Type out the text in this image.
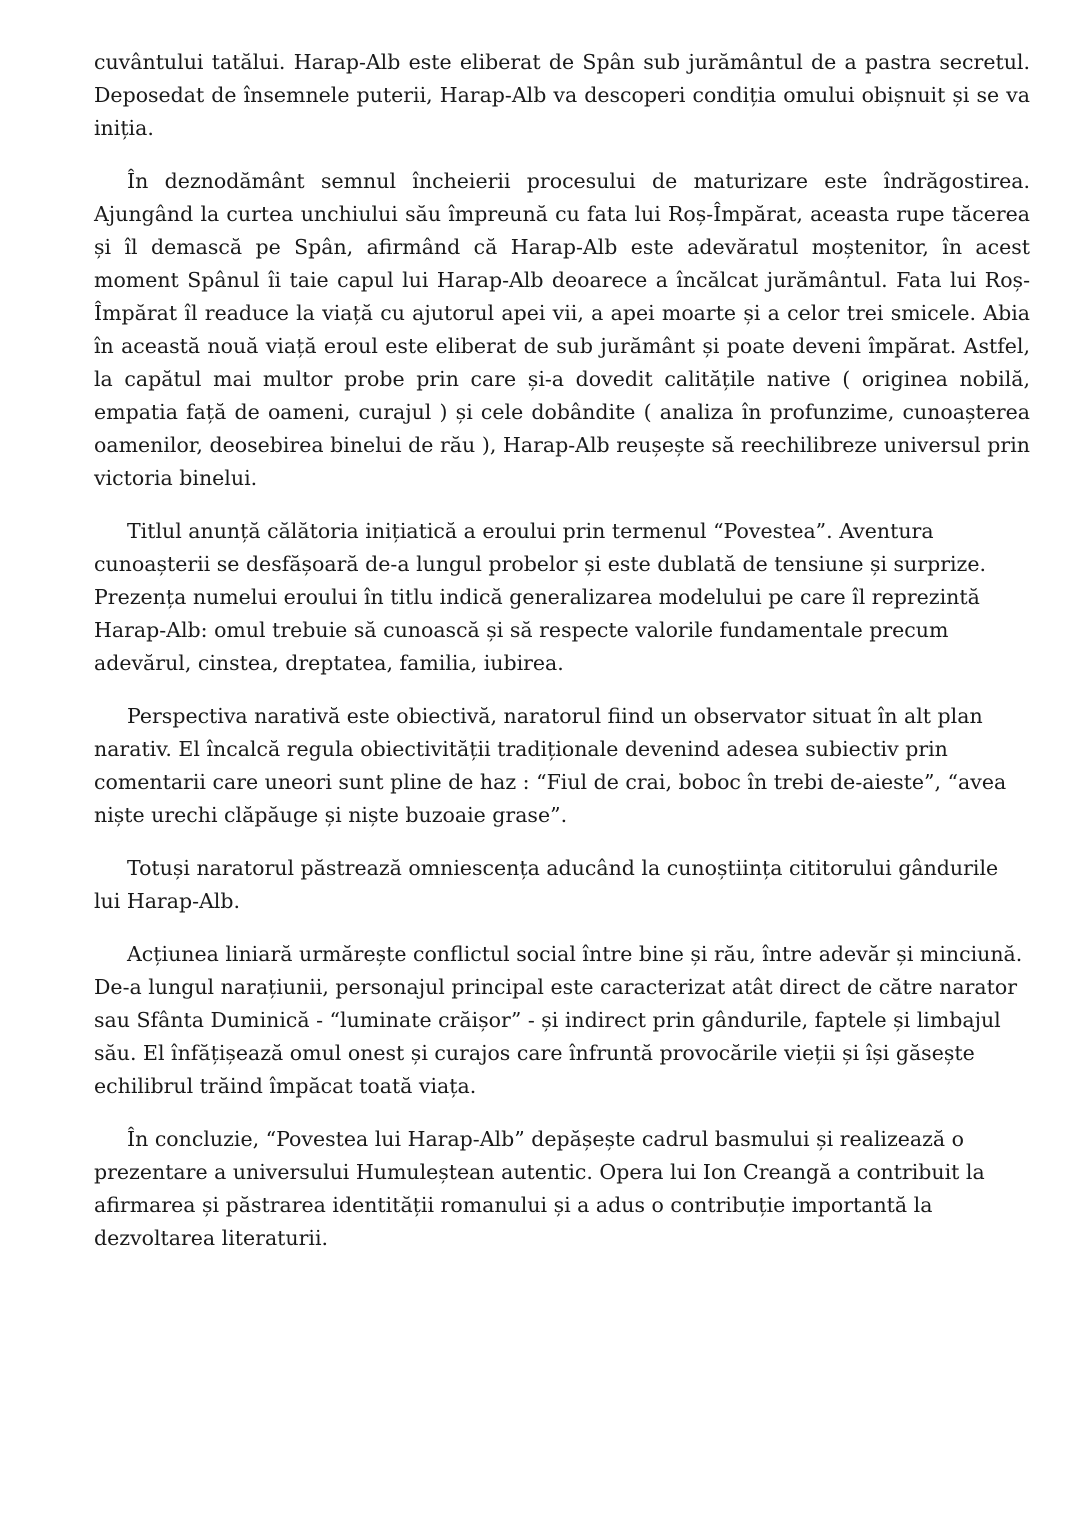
cuvântului tatălui. Harap-Alb este eliberat de Spân sub jurământul de a pastra secretul. Deposedat de însemnele puterii, Harap-Alb va descoperi condiția omului obișnuit și se va iniția.

În deznodământ semnul încheierii procesului de maturizare este îndrăgostirea. Ajungând la curtea unchiului său împreună cu fata lui Roș-Împărat, aceasta rupe tăcerea și îl demască pe Spân, afirmând că Harap-Alb este adevăratul moștenitor, în acest moment Spânul îi taie capul lui Harap-Alb deoarece a încălcat jurământul. Fata lui Roș-Împărat îl readuce la viață cu ajutorul apei vii, a apei moarte și a celor trei smicele. Abia în această nouă viață eroul este eliberat de sub jurământ și poate deveni împărat. Astfel, la capătul mai multor probe prin care și-a dovedit calitățile native ( originea nobilă, empatia față de oameni, curajul ) și cele dobândite ( analiza în profunzime, cunoașterea oamenilor, deosebirea binelui de rău ), Harap-Alb reușește să reechilibreze universul prin victoria binelui.

Titlul anunță călătoria inițiatică a eroului prin termenul “Povestea”. Aventura cunoașterii se desfășoară de-a lungul probelor și este dublată de tensiune și surprize. Prezența numelui eroului în titlu indică generalizarea modelului pe care îl reprezintă Harap-Alb: omul trebuie să cunoască și să respecte valorile fundamentale precum adevărul, cinstea, dreptatea, familia, iubirea.

Perspectiva narativă este obiectivă, naratorul fiind un observator situat în alt plan narativ. El încalcă regula obiectivității tradiționale devenind adesea subiectiv prin comentarii care uneori sunt pline de haz : “Fiul de crai, boboc în trebi de-aieste”, “avea niște urechi clăpăuge și niște buzoaie grase”.

Totuși naratorul păstrează omniescența aducând la cunoștiința cititorului gândurile lui Harap-Alb.

Acțiunea liniară urmărește conflictul social între bine și rău, între adevăr și minciună. De-a lungul narațiunii, personajul principal este caracterizat atât direct de către narator sau Sfânta Duminică - “luminate crăișor” - și indirect prin gândurile, faptele și limbajul său. El înfățișează omul onest și curajos care înfruntă provocările vieții și își găsește echilibrul trăind împăcat toată viața.

În concluzie, “Povestea lui Harap-Alb” depășește cadrul basmului și realizează o prezentare a universului Humuleștean autentic. Opera lui Ion Creangă a contribuit la afirmarea și păstrarea identității romanului și a adus o contribuție importantă la dezvoltarea literaturii.
